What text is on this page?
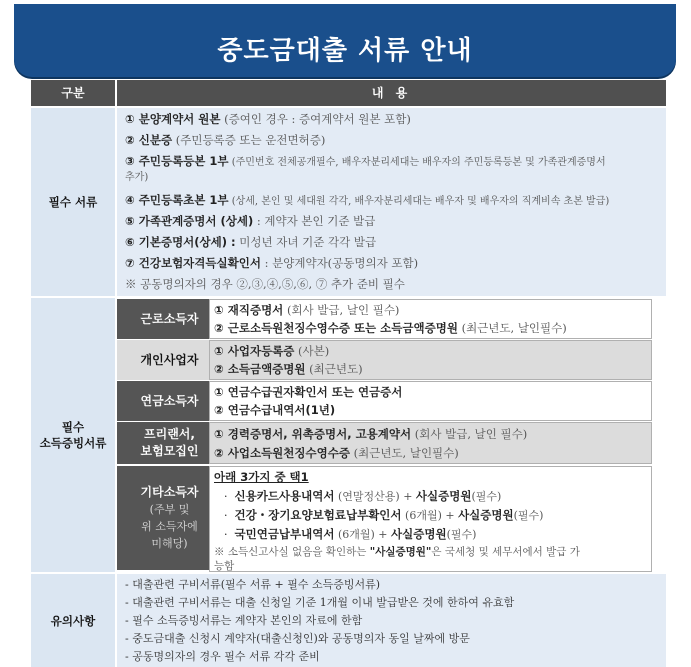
중도금대출 서류 안내
구분	내 용
필수 서류
① 분양계약서 원본 (증여인 경우 : 증여계약서 원본 포함)
② 신분증 (주민등록증 또는 운전면허증)
③ 주민등록등본 1부 (주민번호 전체공개필수, 배우자분리세대는 배우자의 주민등록등본 및 가족관계증명서
추가)
④ 주민등록초본 1부 (상세, 본인 및 세대원 각각, 배우자분리세대는 배우자 및 배우자의 직계비속 초본 발급)
⑤ 가족관계증명서 (상세) : 계약자 본인 기준 발급
⑥ 기본증명서(상세) : 미성년 자녀 기준 각각 발급
⑦ 건강보험자격득실확인서 : 분양계약자(공동명의자 포함)
※ 공동명의자의 경우 ②,③,④,⑤,⑥, ⑦ 추가 준비 필수
필수
소득증빙서류
근로소득자
① 재직증명서 (회사 발급, 날인 필수)
② 근로소득원천징수영수증 또는 소득금액증명원 (최근년도, 날인필수)
개인사업자
① 사업자등록증 (사본)
② 소득금액증명원 (최근년도)
연금소득자
① 연금수급권자확인서 또는 연금증서
② 연금수급내역서(1년)
프리랜서,
보험모집인
① 경력증명서, 위촉증명서, 고용계약서 (회사 발급, 날인 필수)
② 사업소득원천징수영수증 (최근년도, 날인필수)
기타소득자
(주부 및
위 소득자에
미해당)
아래 3가지 중 택1
·  신용카드사용내역서 (연말정산용) + 사실증명원(필수)
·  건강・장기요양보험료납부확인서 (6개월) + 사실증명원(필수)
·  국민연금납부내역서 (6개월) + 사실증명원(필수)
※ 소득신고사실 없음을 확인하는 "사실증명원"은 국세청 및 세무서에서 발급 가
능함
유의사항
- 대출관련 구비서류(필수 서류 + 필수 소득증빙서류)
- 대출관련 구비서류는 대출 신청일 기준 1개월 이내 발급받은 것에 한하여 유효함
- 필수 소득증빙서류는 계약자 본인의 자료에 한함
- 중도금대출 신청시 계약자(대출신청인)와 공동명의자 동일 날짜에 방문
- 공동명의자의 경우 필수 서류 각각 준비
